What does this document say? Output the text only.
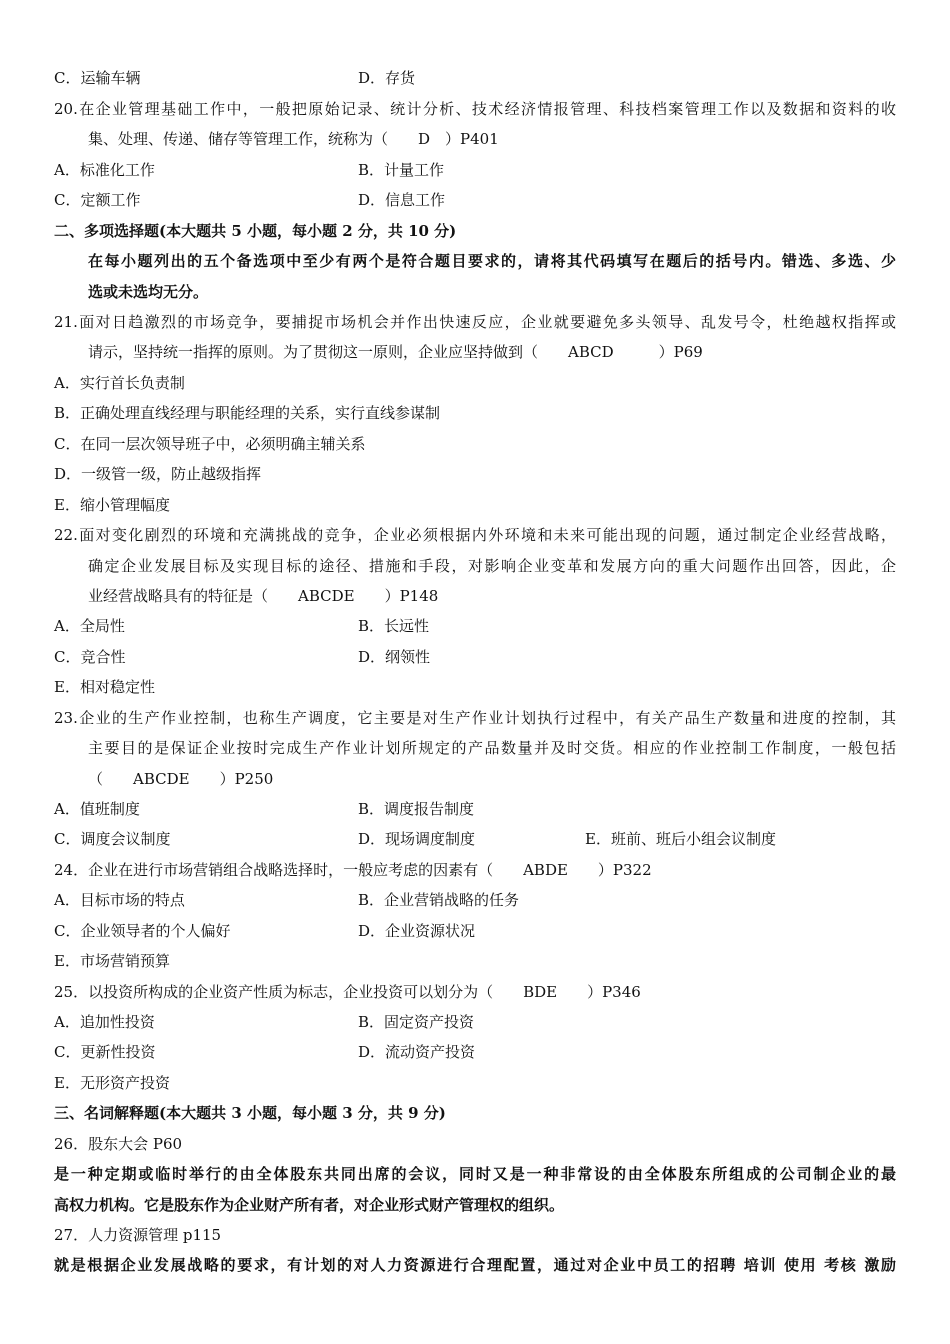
C．运输车辆	D．存货
20.在企业管理基础工作中，一般把原始记录、统计分析、技术经济情报管理、科技档案管理工作以及数据和资料的收
集、处理、传递、储存等管理工作，统称为（　　D　）P401
A．标准化工作	B．计量工作
C．定额工作	D．信息工作
二、多项选择题(本大题共 5 小题，每小题 2 分，共 10 分)
在每小题列出的五个备选项中至少有两个是符合题目要求的，请将其代码填写在题后的括号内。错选、多选、少
选或未选均无分。
21.面对日趋激烈的市场竞争，要捕捉市场机会并作出快速反应，企业就要避免多头领导、乱发号令，杜绝越权指挥或
请示，坚持统一指挥的原则。为了贯彻这一原则，企业应坚持做到（　　ABCD　　　）P69
A．实行首长负责制
B．正确处理直线经理与职能经理的关系，实行直线参谋制
C．在同一层次领导班子中，必须明确主辅关系
D．一级管一级，防止越级指挥
E．缩小管理幅度
22.面对变化剧烈的环境和充满挑战的竞争，企业必须根据内外环境和未来可能出现的问题，通过制定企业经营战略，
确定企业发展目标及实现目标的途径、措施和手段，对影响企业变革和发展方向的重大问题作出回答，因此，企
业经营战略具有的特征是（　　ABCDE　　）P148
A．全局性	B．长远性
C．竞合性	D．纲领性
E．相对稳定性
23.企业的生产作业控制，也称生产调度，它主要是对生产作业计划执行过程中，有关产品生产数量和进度的控制，其
主要目的是保证企业按时完成生产作业计划所规定的产品数量并及时交货。相应的作业控制工作制度，一般包括
（　　ABCDE　　）P250
A．值班制度	B．调度报告制度
C．调度会议制度	D．现场调度制度	E．班前、班后小组会议制度
24．企业在进行市场营销组合战略选择时，一般应考虑的因素有（　　ABDE　　）P322
A．目标市场的特点	B．企业营销战略的任务
C．企业领导者的个人偏好	D．企业资源状况
E．市场营销预算
25．以投资所构成的企业资产性质为标志，企业投资可以划分为（　　BDE　　）P346
A．追加性投资	B．固定资产投资
C．更新性投资	D．流动资产投资
E．无形资产投资
三、名词解释题(本大题共 3 小题，每小题 3 分，共 9 分)
26．股东大会 P60
是一种定期或临时举行的由全体股东共同出席的会议，同时又是一种非常设的由全体股东所组成的公司制企业的最
高权力机构。它是股东作为企业财产所有者，对企业形式财产管理权的组织。
27．人力资源管理 p115
就是根据企业发展战略的要求，有计划的对人力资源进行合理配置，通过对企业中员工的招聘 培训 使用 考核 激励
